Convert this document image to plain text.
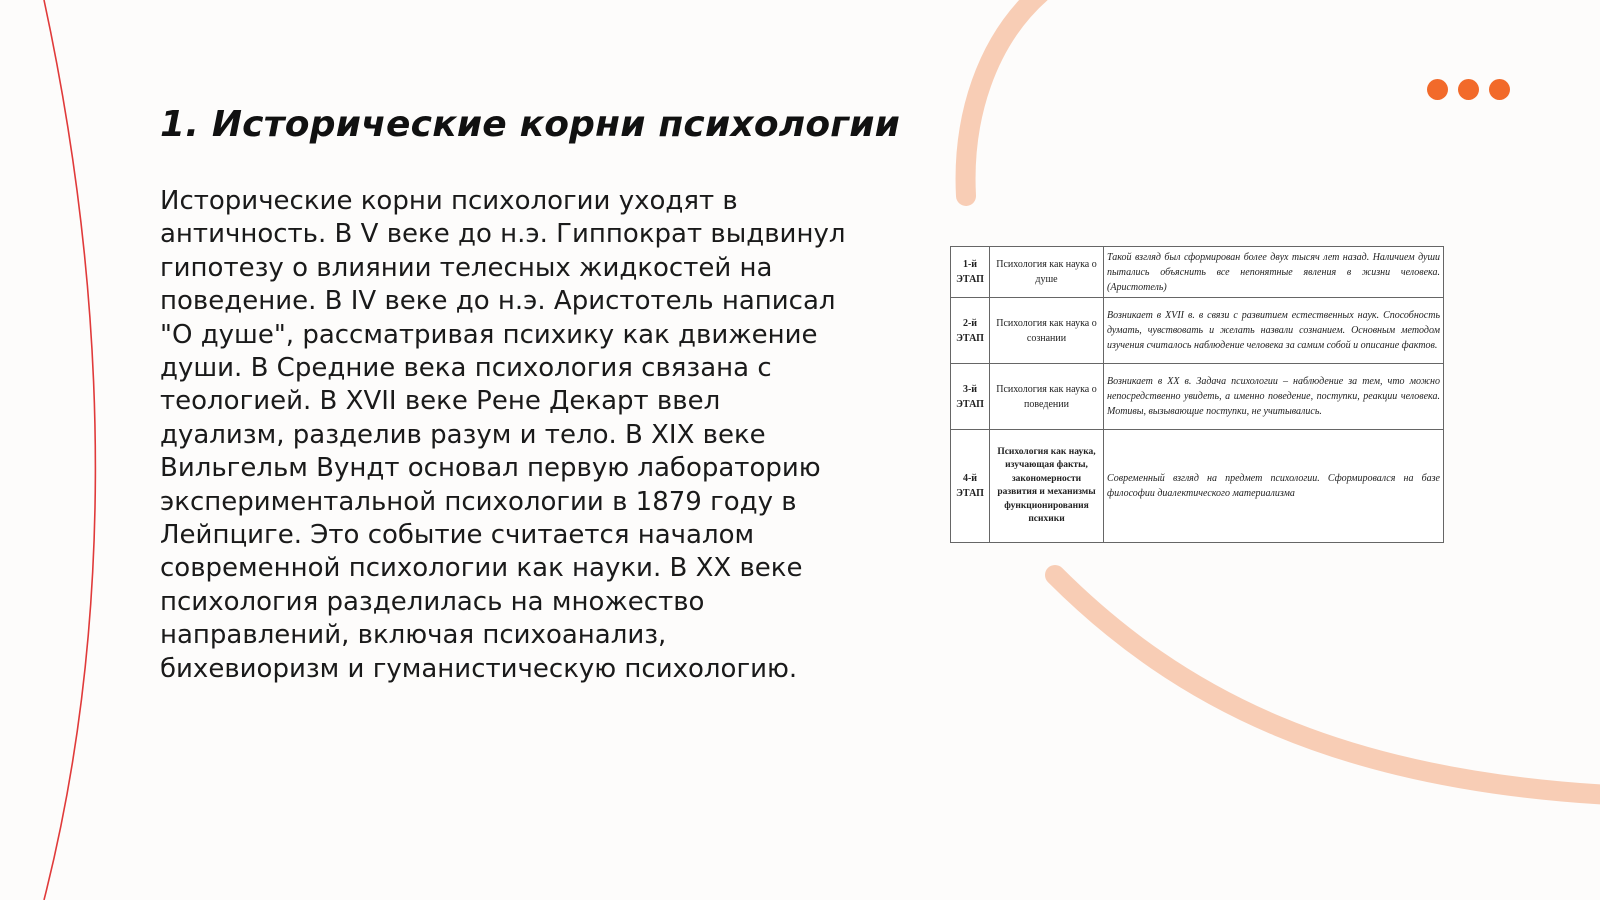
1. Исторические корни психологии

Исторические корни психологии уходят в античность. В V веке до н.э. Гиппократ выдвинул гипотезу о влиянии телесных жидкостей на поведение. В IV веке до н.э. Аристотель написал "О душе", рассматривая психику как движение души. В Средние века психология связана с теологией. В XVII веке Рене Декарт ввел дуализм, разделив разум и тело. В XIX веке Вильгельм Вундт основал первую лабораторию экспериментальной психологии в 1879 году в Лейпциге. Это событие считается началом современной психологии как науки. В XX веке психология разделилась на множество направлений, включая психоанализ, бихевиоризм и гуманистическую психологию.

1-й ЭТАП	Психология как наука о душе	Такой взгляд был сформирован более двух тысяч лет назад. Наличием души пытались объяснить все непонятные явления в жизни человека. (Аристотель)
2-й ЭТАП	Психология как наука о сознании	Возникает в XVII в. в связи с развитием естественных наук. Способность думать, чувствовать и желать назвали сознанием. Основным методом изучения считалось наблюдение человека за самим собой и описание фактов.
3-й ЭТАП	Психология как наука о поведении	Возникает в XX в. Задача психологии – наблюдение за тем, что можно непосредственно увидеть, а именно поведение, поступки, реакции человека. Мотивы, вызывающие поступки, не учитывались.
4-й ЭТАП	Психология как наука, изучающая факты, закономерности развития и механизмы функционирования психики	Современный взгляд на предмет психологии. Сформировался на базе философии диалектического материализма
